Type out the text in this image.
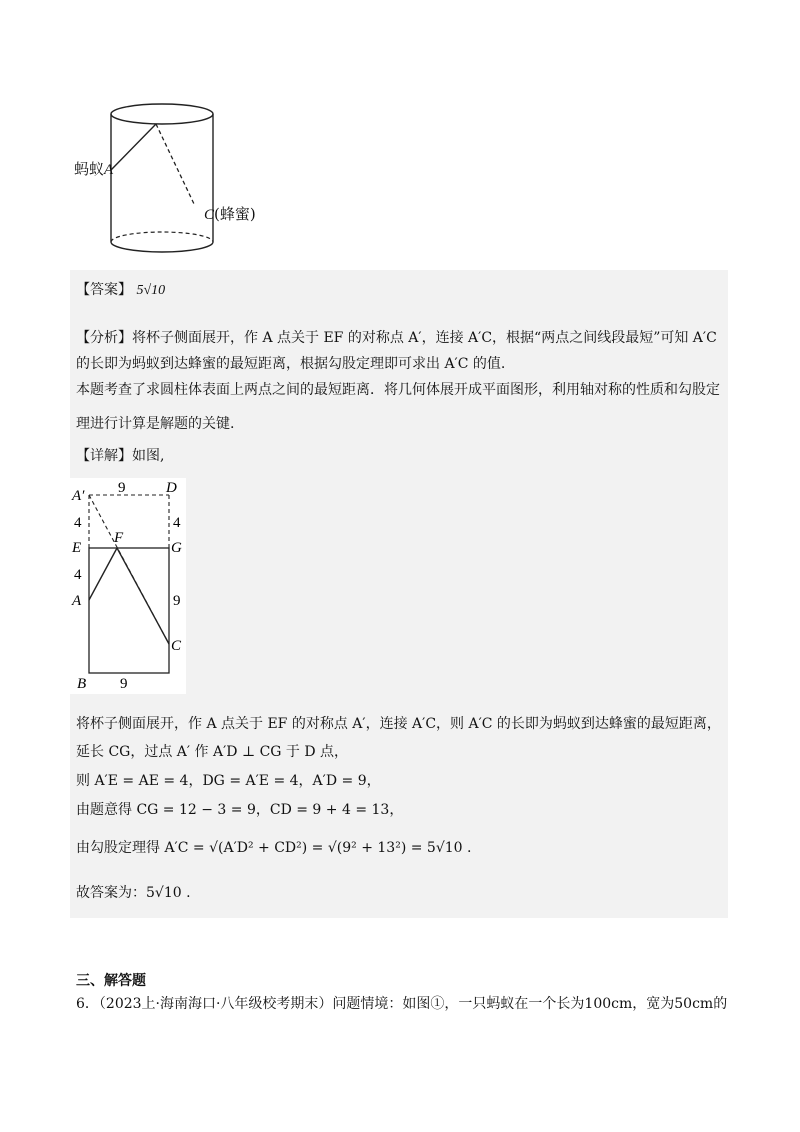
蚂蚁A
C(蜂蜜)
【答案】 5√10
【分析】将杯子侧面展开，作 A 点关于 EF 的对称点 A′，连接 A′C，根据“两点之间线段最短”可知 A′C
的长即为蚂蚁到达蜂蜜的最短距离，根据勾股定理即可求出 A′C 的值.
本题考查了求圆柱体表面上两点之间的最短距离．将几何体展开成平面图形，利用轴对称的性质和勾股定
理进行计算是解题的关键.
【详解】如图,
A′	D
9
4	4
E
F
G
4
A	9
C
B 9
将杯子侧面展开，作 A 点关于 EF 的对称点 A′，连接 A′C，则 A′C 的长即为蚂蚁到达蜂蜜的最短距离，
延长 CG，过点 A′ 作 A′D ⊥ CG 于 D 点，
则 A′E = AE = 4，DG = A′E = 4，A′D = 9，
由题意得 CG = 12 − 3 = 9，CD = 9 + 4 = 13，
由勾股定理得 A′C = √(A′D² + CD²) = √(9² + 13²) = 5√10 .
故答案为：5√10 .
三、解答题
6．（2023上·海南海口·八年级校考期末）问题情境：如图①，一只蚂蚁在一个长为100cm，宽为50cm的
